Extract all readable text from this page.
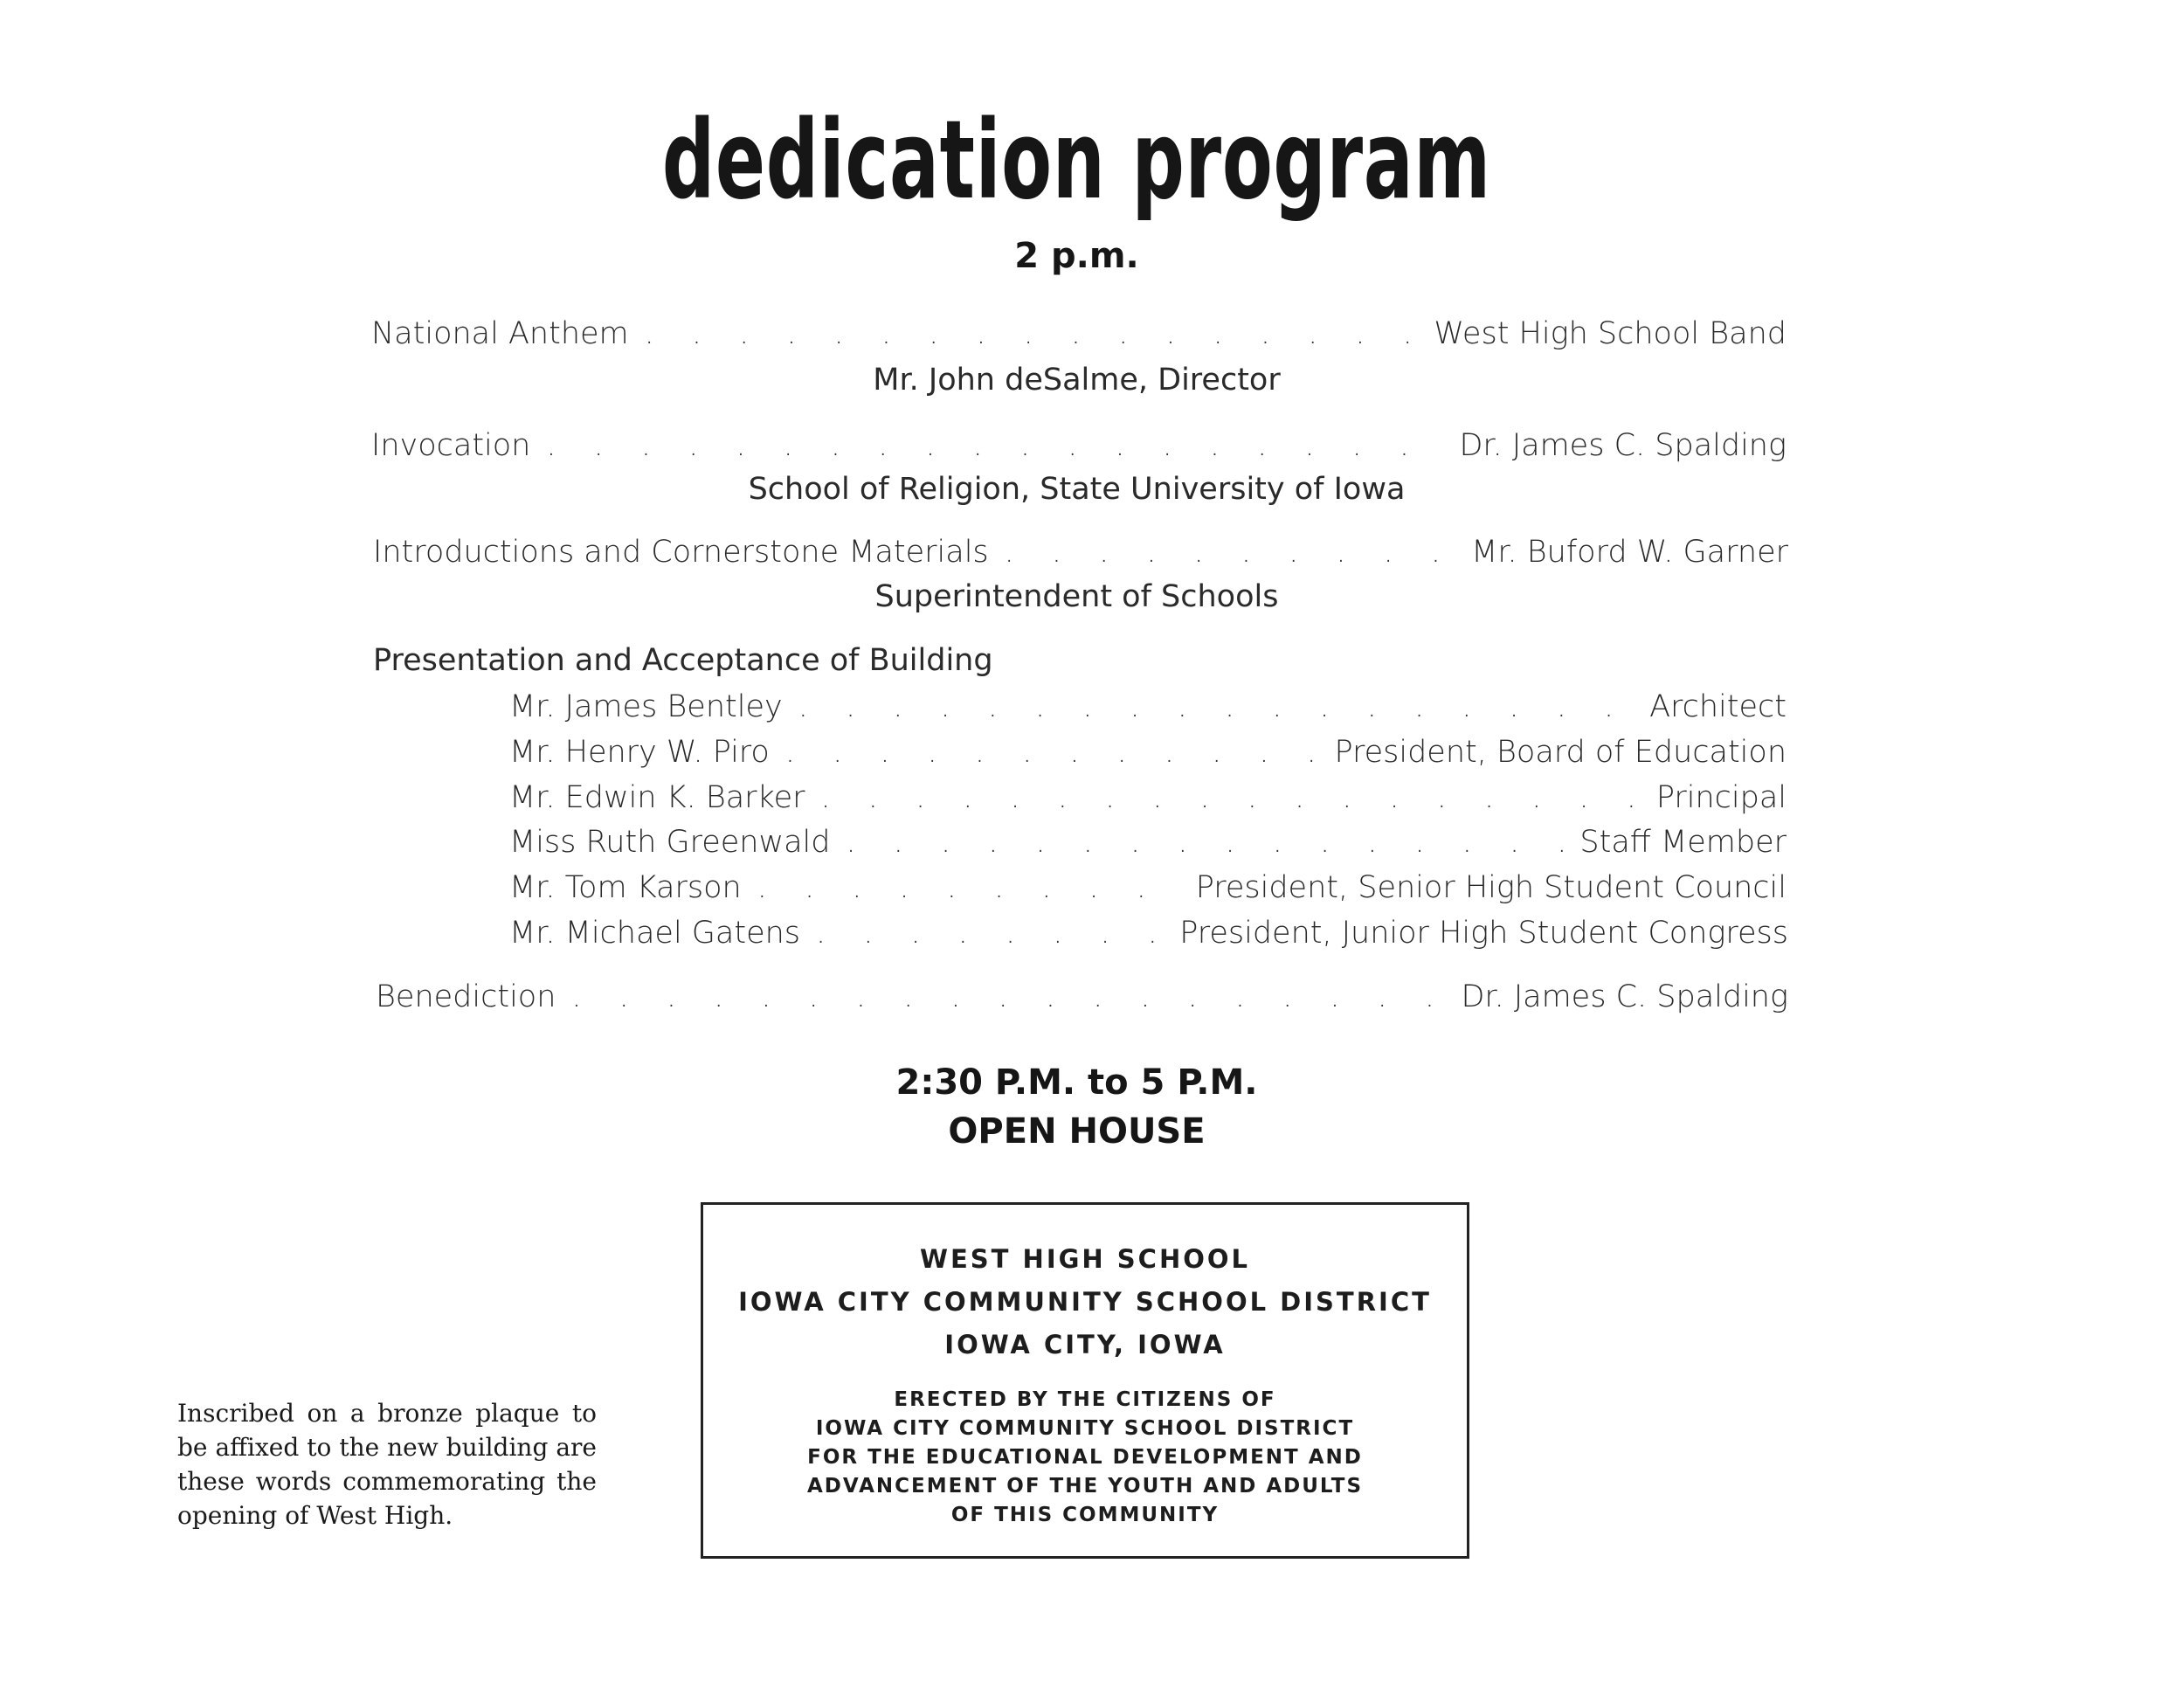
dedication program
2 p.m.
National Anthem . . .	West High School Band
Mr. John deSalme, Director
Invocation . . .	Dr. James C. Spalding
School of Religion, State University of Iowa
Introductions and Cornerstone Materials . . .	Mr. Buford W. Garner
Superintendent of Schools
Presentation and Acceptance of Building
Mr. James Bentley . . .	Architect
Mr. Henry W. Piro . . .	President, Board of Education
Mr. Edwin K. Barker . . .	Principal
Miss Ruth Greenwald . . .	Staff Member
Mr. Tom Karson . . .	President, Senior High Student Council
Mr. Michael Gatens . . .	President, Junior High Student Congress
Benediction . . .	Dr. James C. Spalding
2:30 P.M. to 5 P.M.
OPEN HOUSE
WEST HIGH SCHOOL
IOWA CITY COMMUNITY SCHOOL DISTRICT
IOWA CITY, IOWA
ERECTED BY THE CITIZENS OF
IOWA CITY COMMUNITY SCHOOL DISTRICT
FOR THE EDUCATIONAL DEVELOPMENT AND
ADVANCEMENT OF THE YOUTH AND ADULTS
OF THIS COMMUNITY
Inscribed on a bronze plaque to be affixed to the new building are these words commemorating the opening of West High.
